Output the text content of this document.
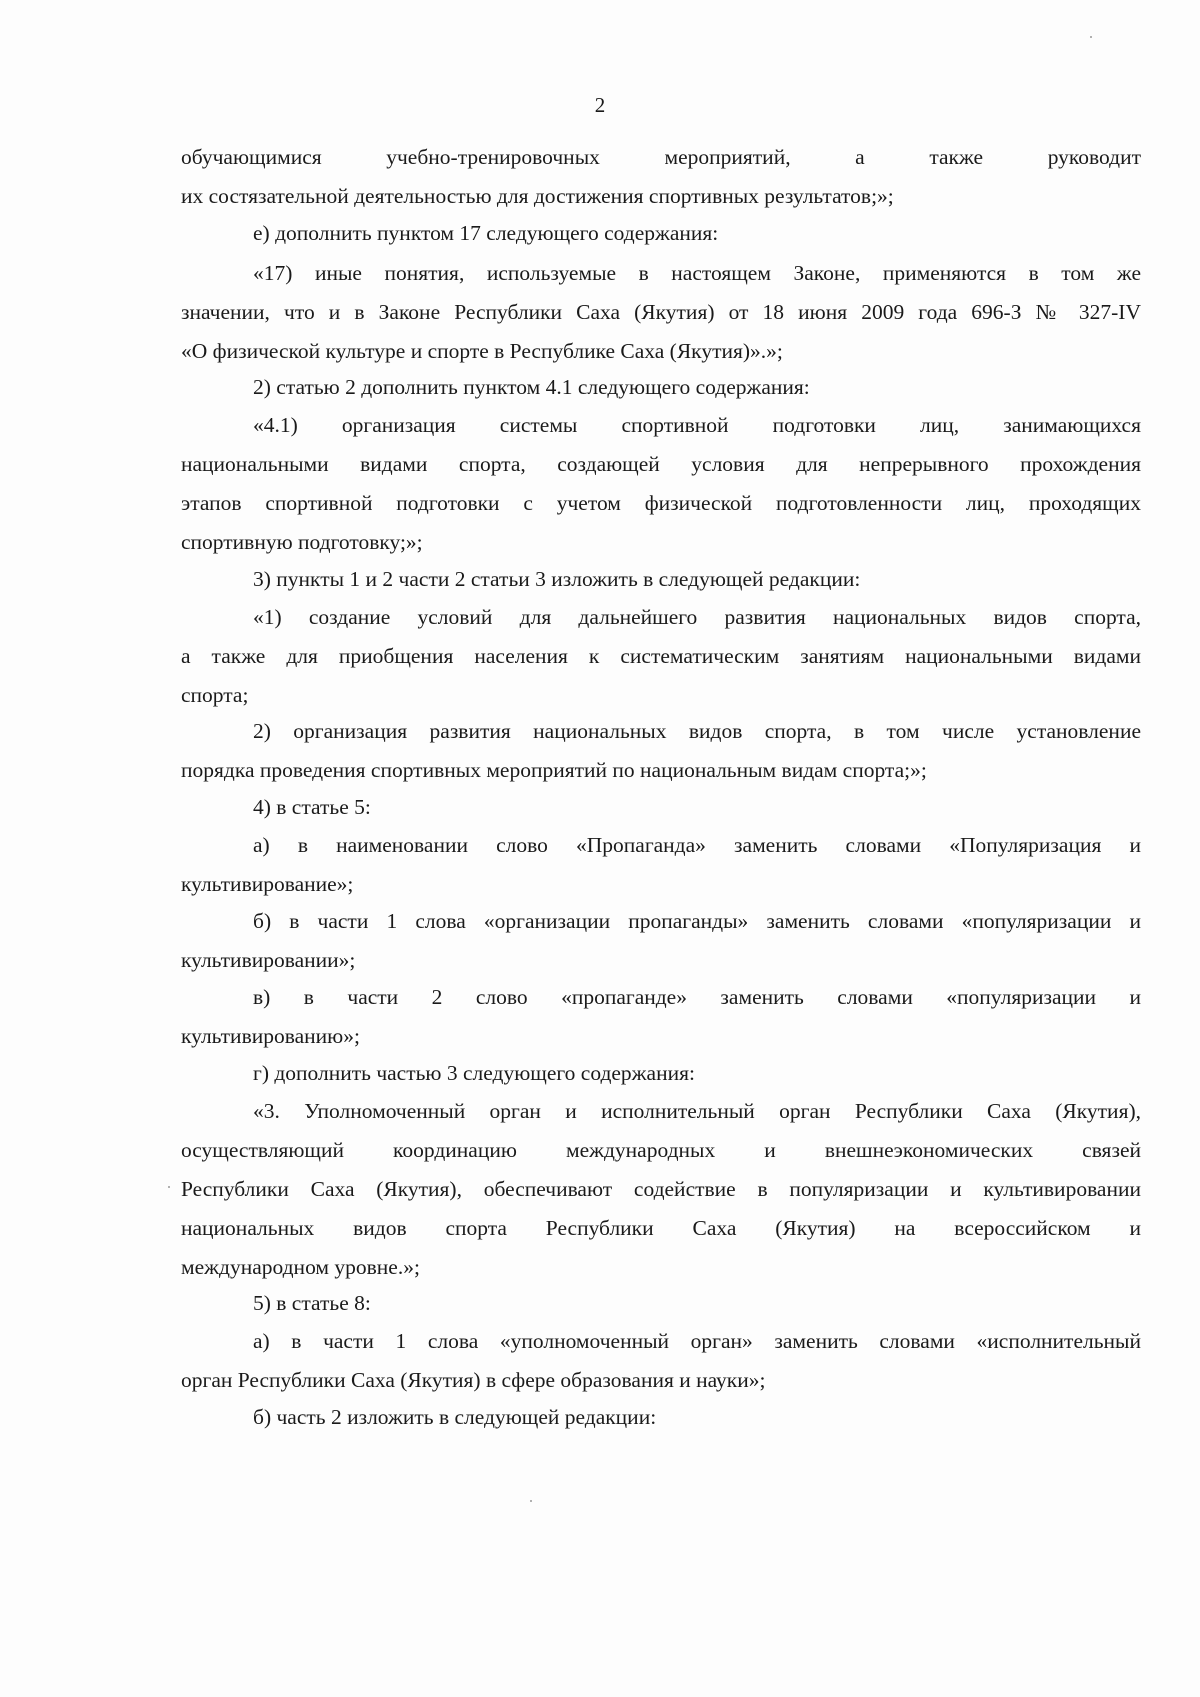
2

обучающимися учебно-тренировочных мероприятий, а также руководит
их состязательной деятельностью для достижения спортивных результатов;»;

е) дополнить пунктом 17 следующего содержания:

«17) иные понятия, используемые в настоящем Законе, применяются в том же
значении, что и в Законе Республики Саха (Якутия) от 18 июня 2009 года 696-З № 327-IV
«О физической культуре и спорте в Республике Саха (Якутия)».»;

2) статью 2 дополнить пунктом 4.1 следующего содержания:

«4.1) организация системы спортивной подготовки лиц, занимающихся
национальными видами спорта, создающей условия для непрерывного прохождения
этапов спортивной подготовки с учетом физической подготовленности лиц, проходящих
спортивную подготовку;»;

3) пункты 1 и 2 части 2 статьи 3 изложить в следующей редакции:

«1) создание условий для дальнейшего развития национальных видов спорта,
а также для приобщения населения к систематическим занятиям национальными видами
спорта;

2) организация развития национальных видов спорта, в том числе установление
порядка проведения спортивных мероприятий по национальным видам спорта;»;

4) в статье 5:

а) в наименовании слово «Пропаганда» заменить словами «Популяризация и
культивирование»;

б) в части 1 слова «организации пропаганды» заменить словами «популяризации и
культивировании»;

в) в части 2 слово «пропаганде» заменить словами «популяризации и
культивированию»;

г) дополнить частью 3 следующего содержания:

«3. Уполномоченный орган и исполнительный орган Республики Саха (Якутия),
осуществляющий координацию международных и внешнеэкономических связей
Республики Саха (Якутия), обеспечивают содействие в популяризации и культивировании
национальных видов спорта Республики Саха (Якутия) на всероссийском и
международном уровне.»;

5) в статье 8:

а) в части 1 слова «уполномоченный орган» заменить словами «исполнительный
орган Республики Саха (Якутия) в сфере образования и науки»;

б) часть 2 изложить в следующей редакции:
